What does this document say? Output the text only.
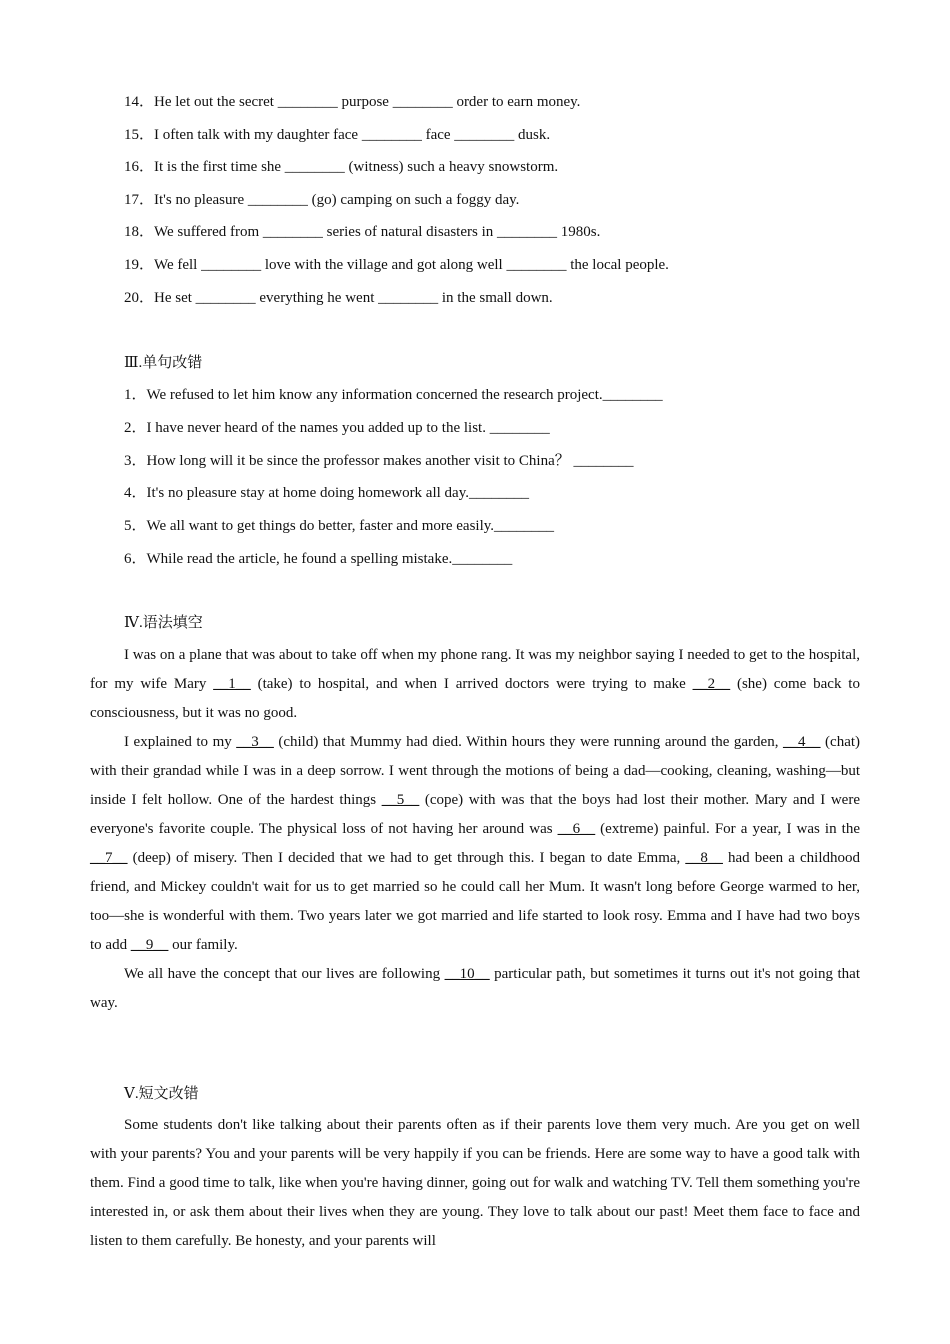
14．He let out the secret ________ purpose ________ order to earn money.
15．I often talk with my daughter face ________ face ________ dusk.
16．It is the first time she ________ (witness) such a heavy snowstorm.
17．It's no pleasure ________ (go) camping on such a foggy day.
18．We suffered from ________ series of natural disasters in ________ 1980s.
19．We fell ________ love with the village and got along well ________ the local people.
20．He set ________ everything he went ________ in the small down.
Ⅲ.单句改错
1．We refused to let him know any information concerned the research project.________
2．I have never heard of the names you added up to the list. ________
3．How long will it be since the professor makes another visit to China？ ________
4．It's no pleasure stay at home doing homework all day.________
5．We all want to get things do better, faster and more easily.________
6．While read the article, he found a spelling mistake.________
Ⅳ.语法填空

I was on a plane that was about to take off when my phone rang. It was my neighbor saying I needed to get to the hospital, for my wife Mary __1__ (take) to hospital, and when I arrived doctors were trying to make __2__ (she) come back to consciousness, but it was no good.

I explained to my __3__ (child) that Mummy had died. Within hours they were running around the garden, __4__ (chat) with their grandad while I was in a deep sorrow. I went through the motions of being a dad—cooking, cleaning, washing—but inside I felt hollow. One of the hardest things __5__ (cope) with was that the boys had lost their mother. Mary and I were everyone's favorite couple. The physical loss of not having her around was __6__ (extreme) painful. For a year, I was in the __7__ (deep) of misery. Then I decided that we had to get through this. I began to date Emma, __8__ had been a childhood friend, and Mickey couldn't wait for us to get married so he could call her Mum. It wasn't long before George warmed to her, too—she is wonderful with them. Two years later we got married and life started to look rosy. Emma and I have had two boys to add __9__ our family.

We all have the concept that our lives are following __10__ particular path, but sometimes it turns out it's not going that way.

Ⅴ.短文改错

Some students don't like talking about their parents often as if their parents love them very much. Are you get on well with your parents? You and your parents will be very happily if you can be friends. Here are some way to have a good talk with them. Find a good time to talk, like when you're having dinner, going out for walk and watching TV. Tell them something you're interested in, or ask them about their lives when they are young. They love to talk about our past! Meet them face to face and listen to them carefully. Be honesty, and your parents will
